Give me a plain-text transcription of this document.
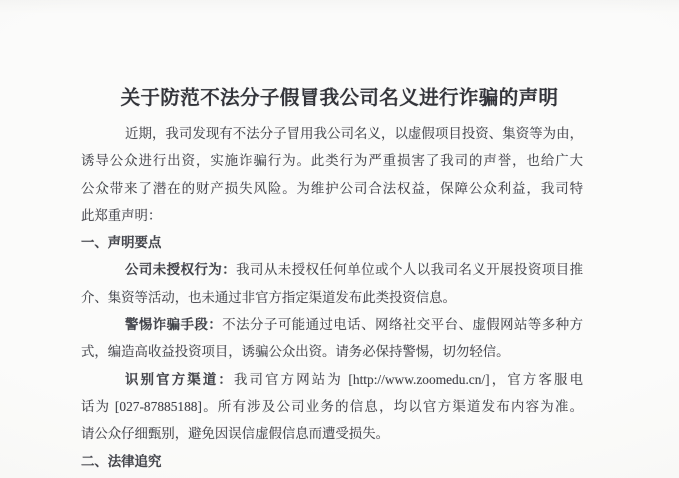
关于防范不法分子假冒我公司名义进行诈骗的声明
近期，我司发现有不法分子冒用我公司名义，以虚假项目投资、集资等为由，
诱导公众进行出资，实施诈骗行为。此类行为严重损害了我司的声誉，也给广大
公众带来了潜在的财产损失风险。为维护公司合法权益，保障公众利益，我司特
此郑重声明：
一、声明要点
公司未授权行为：我司从未授权任何单位或个人以我司名义开展投资项目推
介、集资等活动，也未通过非官方指定渠道发布此类投资信息。
警惕诈骗手段：不法分子可能通过电话、网络社交平台、虚假网站等多种方
式，编造高收益投资项目，诱骗公众出资。请务必保持警惕，切勿轻信。
识别官方渠道：我司官方网站为 [http://www.zoomedu.cn/]，官方客服电
话为 [027-87885188]。所有涉及公司业务的信息，均以官方渠道发布内容为准。
请公众仔细甄别，避免因误信虚假信息而遭受损失。
二、法律追究
